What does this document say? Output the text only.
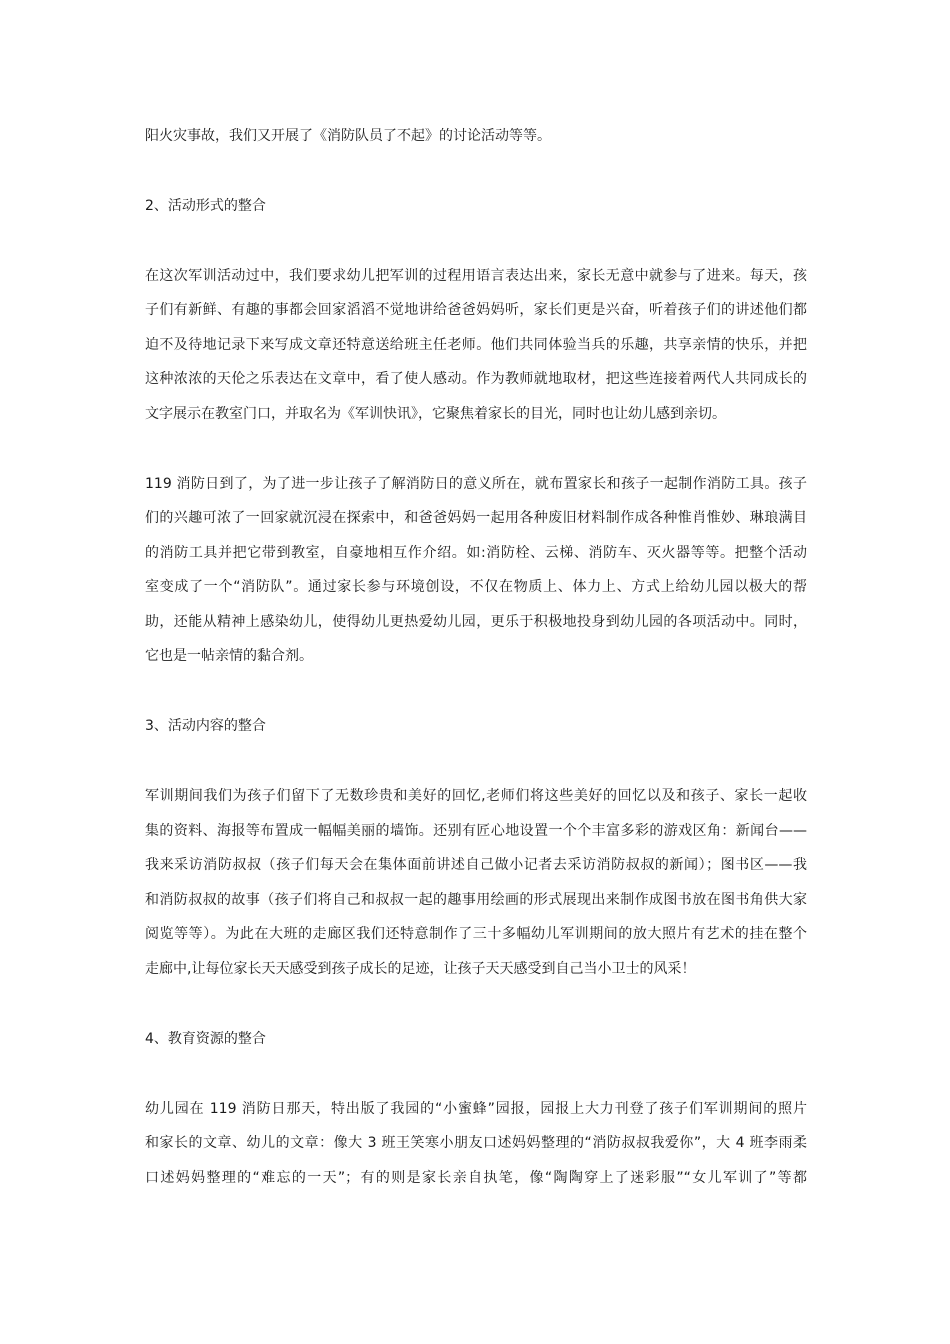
阳火灾事故，我们又开展了《消防队员了不起》的讨论活动等等。
2、活动形式的整合
在这次军训活动过中，我们要求幼儿把军训的过程用语言表达出来，家长无意中就参与了进来。每天，孩
子们有新鲜、有趣的事都会回家滔滔不觉地讲给爸爸妈妈听，家长们更是兴奋，听着孩子们的讲述他们都
迫不及待地记录下来写成文章还特意送给班主任老师。他们共同体验当兵的乐趣，共享亲情的快乐，并把
这种浓浓的天伦之乐表达在文章中，看了使人感动。作为教师就地取材，把这些连接着两代人共同成长的
文字展示在教室门口，并取名为《军训快讯》，它聚焦着家长的目光，同时也让幼儿感到亲切。
119 消防日到了，为了进一步让孩子了解消防日的意义所在，就布置家长和孩子一起制作消防工具。孩子
们的兴趣可浓了一回家就沉浸在探索中，和爸爸妈妈一起用各种废旧材料制作成各种惟肖惟妙、琳琅满目
的消防工具并把它带到教室，自豪地相互作介绍。如:消防栓、云梯、消防车、灭火器等等。把整个活动
室变成了一个“消防队”。通过家长参与环境创设，不仅在物质上、体力上、方式上给幼儿园以极大的帮
助，还能从精神上感染幼儿，使得幼儿更热爱幼儿园，更乐于积极地投身到幼儿园的各项活动中。同时，
它也是一帖亲情的黏合剂。
3、活动内容的整合
军训期间我们为孩子们留下了无数珍贵和美好的回忆,老师们将这些美好的回忆以及和孩子、家长一起收
集的资料、海报等布置成一幅幅美丽的墙饰。还别有匠心地设置一个个丰富多彩的游戏区角：新闻台——
我来采访消防叔叔（孩子们每天会在集体面前讲述自己做小记者去采访消防叔叔的新闻）；图书区——我
和消防叔叔的故事（孩子们将自己和叔叔一起的趣事用绘画的形式展现出来制作成图书放在图书角供大家
阅览等等）。为此在大班的走廊区我们还特意制作了三十多幅幼儿军训期间的放大照片有艺术的挂在整个
走廊中,让每位家长天天感受到孩子成长的足迹，让孩子天天感受到自己当小卫士的风采！
4、教育资源的整合
幼儿园在 119 消防日那天，特出版了我园的“小蜜蜂”园报，园报上大力刊登了孩子们军训期间的照片
和家长的文章、幼儿的文章：像大 3 班王笑寒小朋友口述妈妈整理的“消防叔叔我爱你”，大 4 班李雨柔
口述妈妈整理的“难忘的一天”；有的则是家长亲自执笔，像“陶陶穿上了迷彩服”“女儿军训了”等都
